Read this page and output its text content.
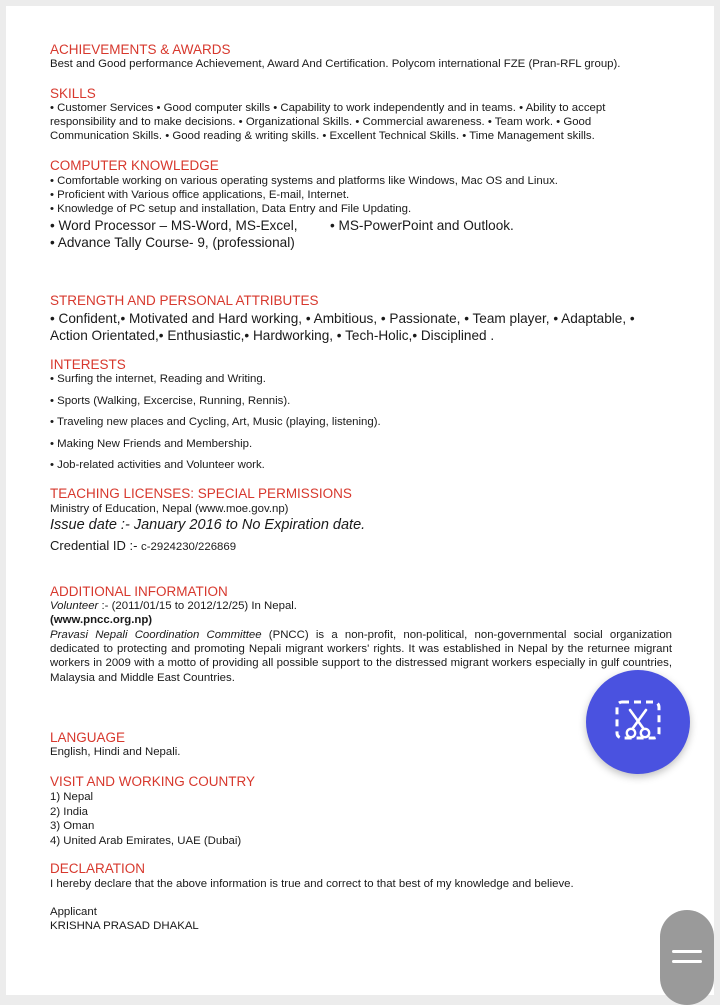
ACHIEVEMENTS & AWARDS
Best and Good performance Achievement, Award And Certification. Polycom international FZE (Pran-RFL group).
SKILLS
• Customer Services • Good computer skills • Capability to work independently and in teams. • Ability to accept
responsibility and to make decisions. • Organizational Skills. • Commercial awareness. • Team work. • Good
Communication Skills. • Good reading & writing skills. • Excellent Technical Skills. • Time Management skills.
COMPUTER KNOWLEDGE
• Comfortable working on various operating systems and platforms like Windows, Mac OS and Linux.
• Proficient with Various office applications, E-mail, Internet.
• Knowledge of PC setup and installation, Data Entry and File Updating.
• Word Processor – MS-Word, MS-Excel, • MS-PowerPoint and Outlook.
• Advance Tally Course- 9, (professional)
STRENGTH AND PERSONAL ATTRIBUTES
• Confident,• Motivated and Hard working, • Ambitious, • Passionate, • Team player, • Adaptable, •
Action Orientated,• Enthusiastic,• Hardworking, • Tech-Holic,• Disciplined .
INTERESTS
• Surfing the internet, Reading and Writing.
• Sports (Walking, Excercise, Running, Rennis).
• Traveling new places and Cycling, Art, Music (playing, listening).
• Making New Friends and Membership.
• Job-related activities and Volunteer work.
TEACHING LICENSES: SPECIAL PERMISSIONS
Ministry of Education, Nepal (www.moe.gov.np)
Issue date :- January 2016 to No Expiration date.
Credential ID :- c-2924230/226869
ADDITIONAL INFORMATION
Volunteer :- (2011/01/15 to 2012/12/25) In Nepal.
(www.pncc.org.np)
Pravasi Nepali Coordination Committee (PNCC) is a non-profit, non-political, non-governmental social organization dedicated to protecting and promoting Nepali migrant workers' rights. It was established in Nepal by the returnee migrant workers in 2009 with a motto of providing all possible support to the distressed migrant workers especially in gulf countries, Malaysia and Middle East Countries.
LANGUAGE
English, Hindi and Nepali.
VISIT AND WORKING COUNTRY
1) Nepal
2) India
3) Oman
4) United Arab Emirates, UAE (Dubai)
DECLARATION
I hereby declare that the above information is true and correct to that best of my knowledge and believe.
Applicant
KRISHNA PRASAD DHAKAL
